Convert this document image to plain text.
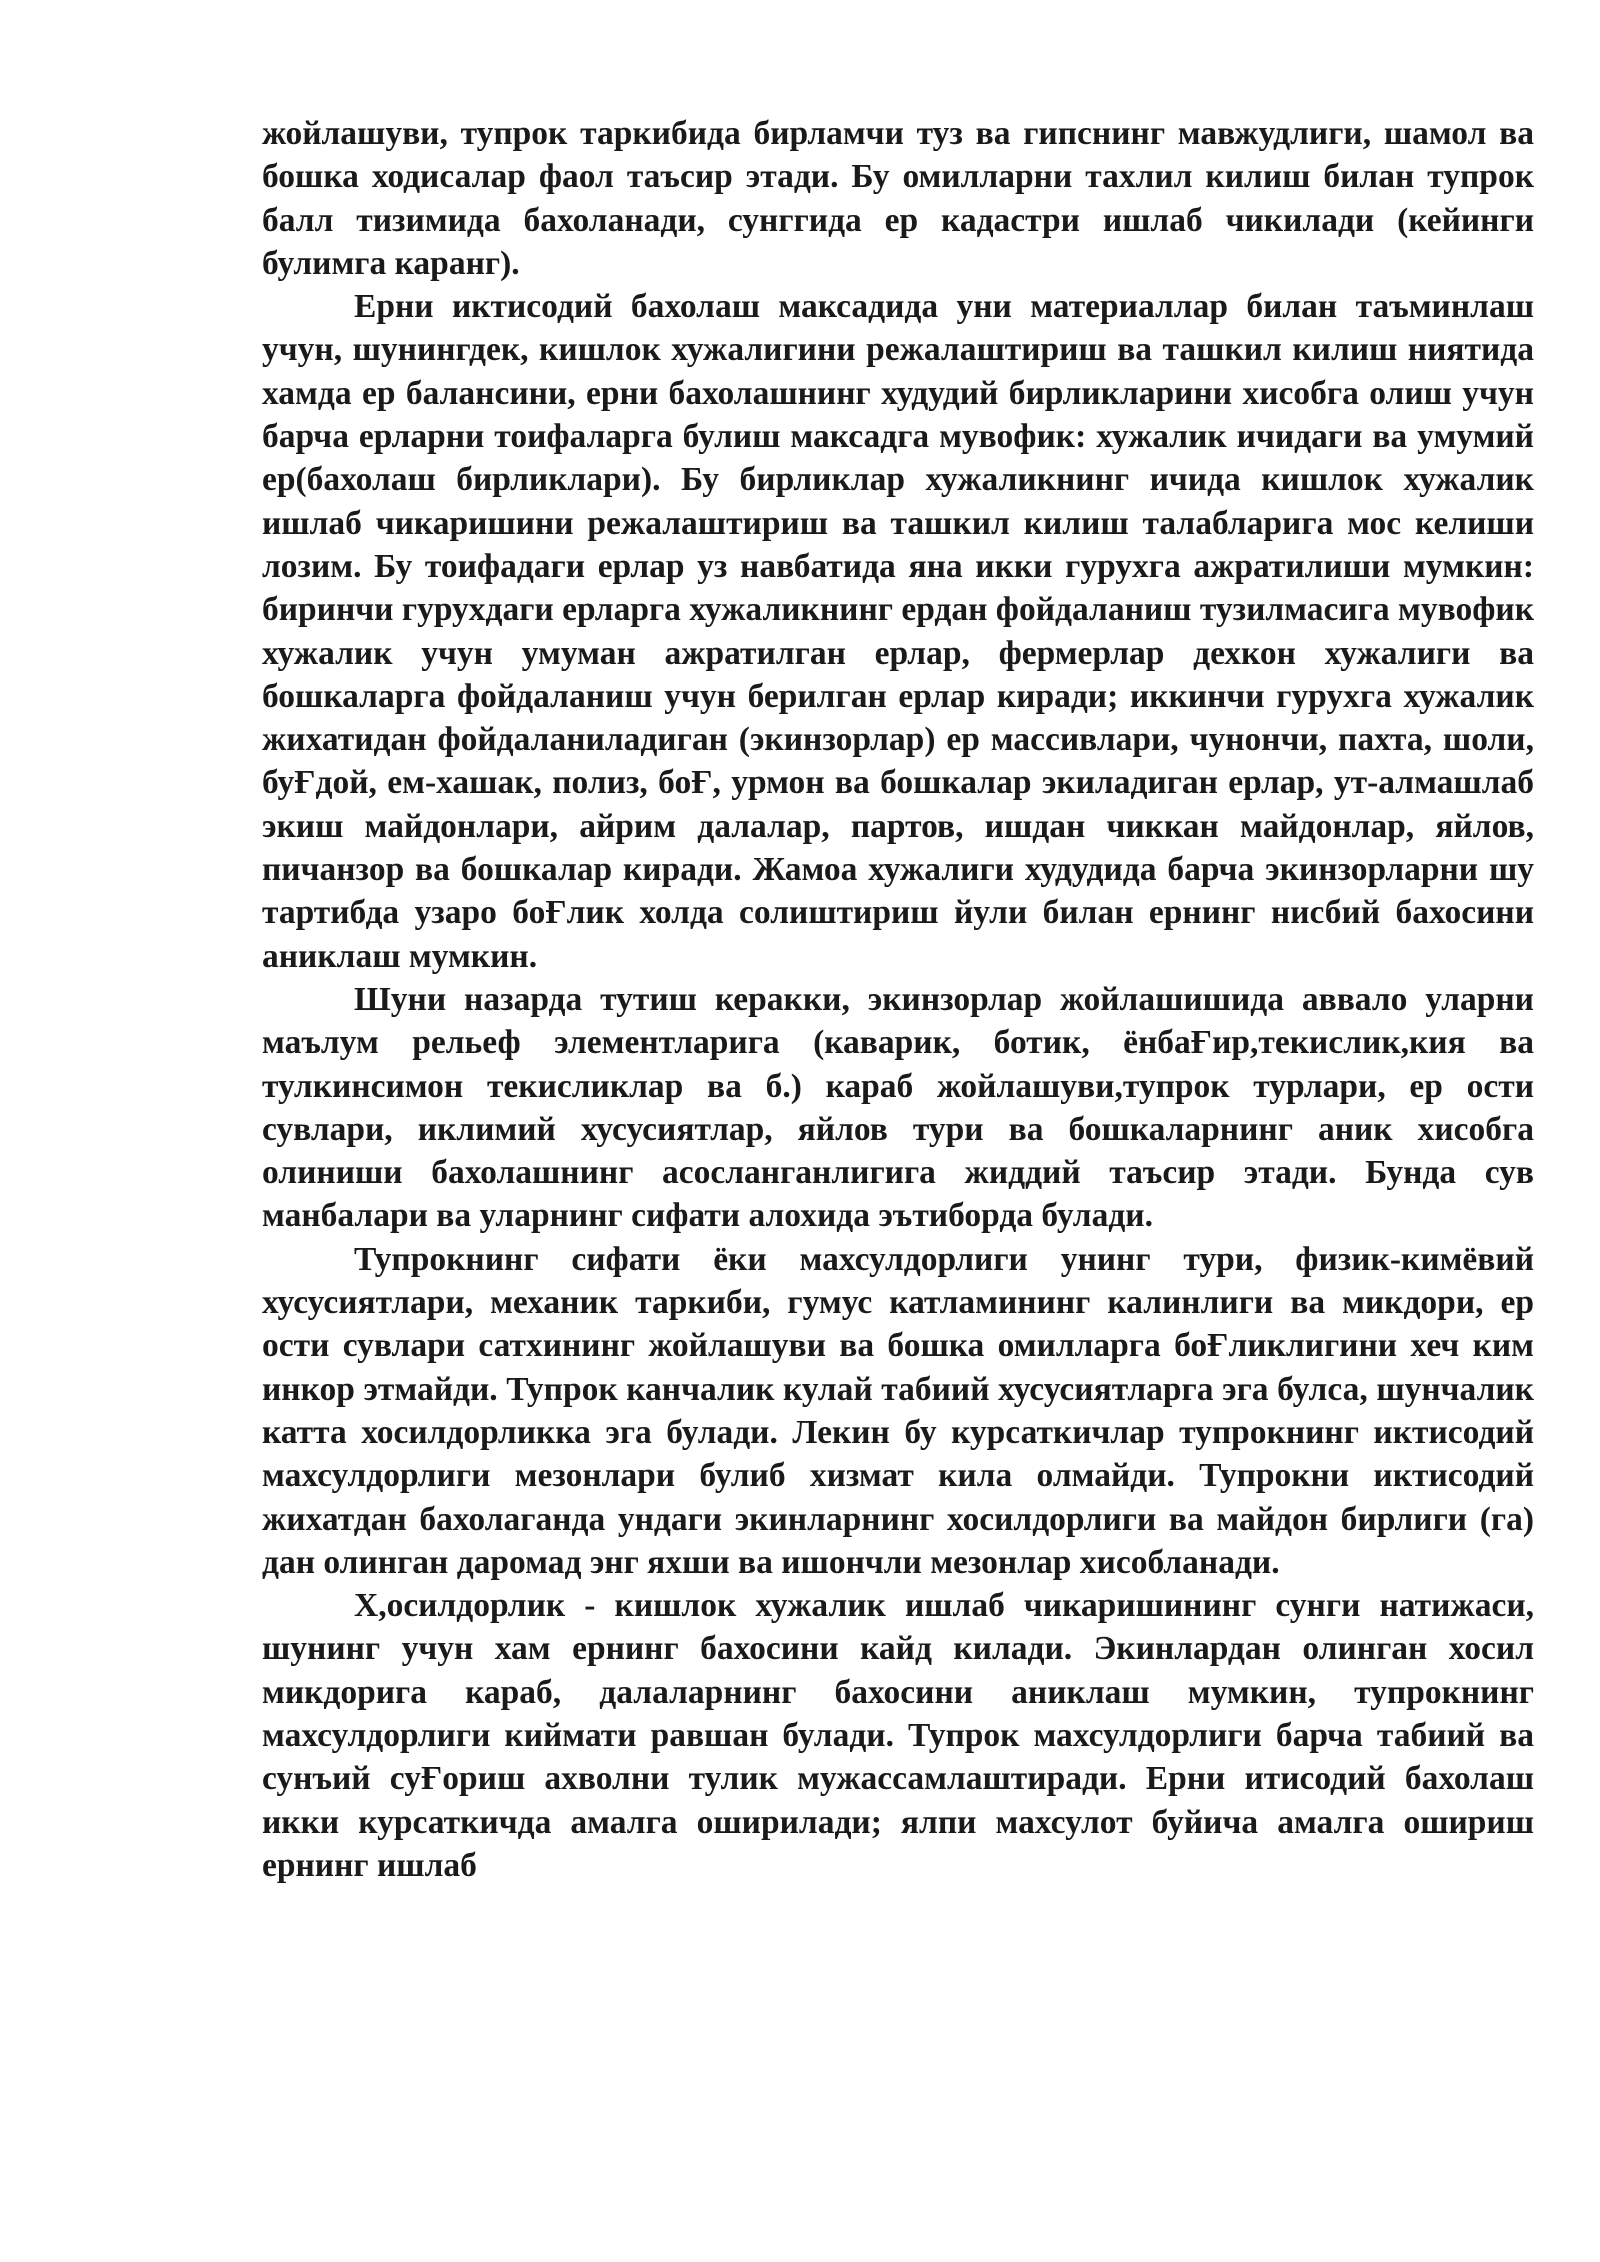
жойлашуви, тупрок таркибида бирламчи туз ва гипснинг мавжудлиги, шамол ва бошка ходисалар фаол таъсир этади. Бу омилларни тахлил килиш билан тупрок балл тизимида бахоланади, сунггида ер кадастри ишлаб чикилади (кейинги булимга каранг).

Ерни иктисодий бахолаш максадида уни материаллар билан таъминлаш учун, шунингдек, кишлок хужалигини режалаштириш ва ташкил килиш ниятида хамда ер балансини, ерни бахолашнинг худудий бирликларини хисобга олиш учун барча ерларни тоифаларга булиш максадга мувофик: хужалик ичидаги ва умумий ер(бахолаш бирликлари). Бу бирликлар хужаликнинг ичида кишлок хужалик ишлаб чикаришини режалаштириш ва ташкил килиш талабларига мос келиши лозим. Бу тоифадаги ерлар уз навбатида яна икки гурухга ажратилиши мумкин: биринчи гурухдаги ерларга хужаликнинг ердан фойдаланиш тузилмасига мувофик хужалик учун умуман ажратилган ерлар, фермерлар дехкон хужалиги ва бошкаларга фойдаланиш учун берилган ерлар киради; иккинчи гурухга хужалик жихатидан фойдаланиладиган (экинзорлар) ер массивлари, чунончи, пахта, шоли, буҒдой, ем-хашак, полиз, боҒ, урмон ва бошкалар экиладиган ерлар, ут-алмашлаб экиш майдонлари, айрим далалар, партов, ишдан чиккан майдонлар, яйлов, пичанзор ва бошкалар киради. Жамоа хужалиги худудида барча экинзорларни шу тартибда узаро боҒлик холда солиштириш йули билан ернинг нисбий бахосини аниклаш мумкин.

Шуни назарда тутиш керакки, экинзорлар жойлашишида аввало уларни маълум рельеф элементларига (каварик, ботик, ёнбаҒир,текислик,кия ва тулкинсимон текисликлар ва б.) караб жойлашуви,тупрок турлари, ер ости сувлари, иклимий хусусиятлар, яйлов тури ва бошкаларнинг аник хисобга олиниши бахолашнинг асосланганлигига жиддий таъсир этади. Бунда сув манбалари ва уларнинг сифати алохида эътиборда булади.

Тупрокнинг сифати ёки махсулдорлиги унинг тури, физик-кимёвий хусусиятлари, механик таркиби, гумус катламининг калинлиги ва микдори, ер ости сувлари сатхининг жойлашуви ва бошка омилларга боҒликлигини хеч ким инкор этмайди. Тупрок канчалик кулай табиий хусусиятларга эга булса, шунчалик катта хосилдорликка эга булади. Лекин бу курсаткичлар тупрокнинг иктисодий махсулдорлиги мезонлари булиб хизмат кила олмайди. Тупрокни иктисодий жихатдан бахолаганда ундаги экинларнинг хосилдорлиги ва майдон бирлиги (га) дан олинган даромад энг яхши ва ишончли мезонлар хисобланади.

Х,осилдорлик - кишлок хужалик ишлаб чикаришининг сунги натижаси, шунинг учун хам ернинг бахосини кайд килади. Экинлардан олинган хосил микдорига караб, далаларнинг бахосини аниклаш мумкин, тупрокнинг махсулдорлиги киймати равшан булади. Тупрок махсулдорлиги барча табиий ва сунъий суҒориш ахволни тулик мужассамлаштиради. Ерни итисодий бахолаш икки курсаткичда амалга оширилади; ялпи махсулот буйича амалга ошириш ернинг ишлаб
